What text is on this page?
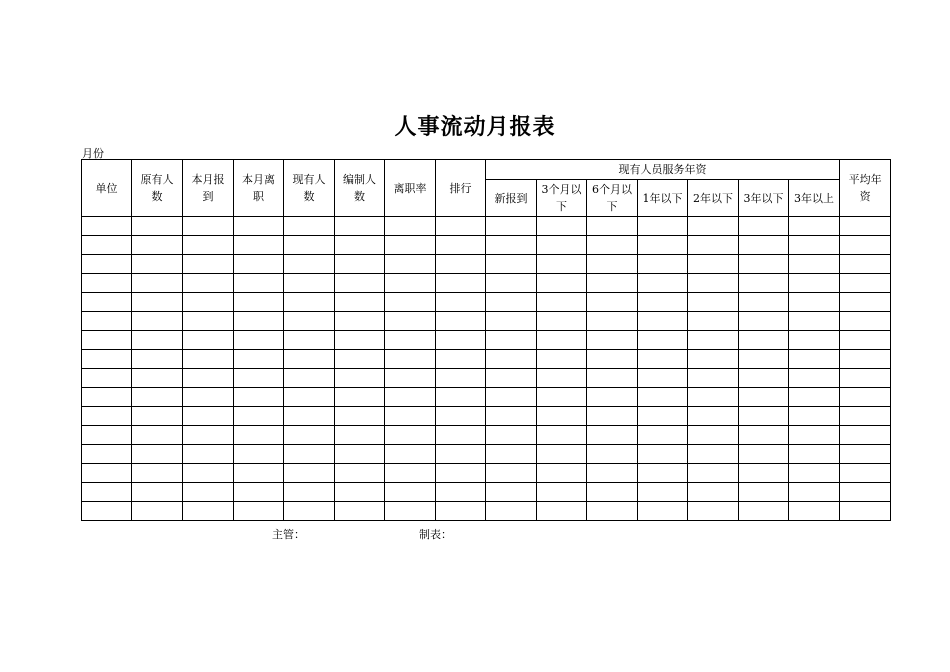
人事流动月报表
月份
单位	原有人数	本月报到	本月离职	现有人数	编制人数	离职率	排行	现有人员服务年资							平均年资
								新报到	3个月以下	6个月以下	1年以下	2年以下	3年以下	3年以上	

主管：	制表：
